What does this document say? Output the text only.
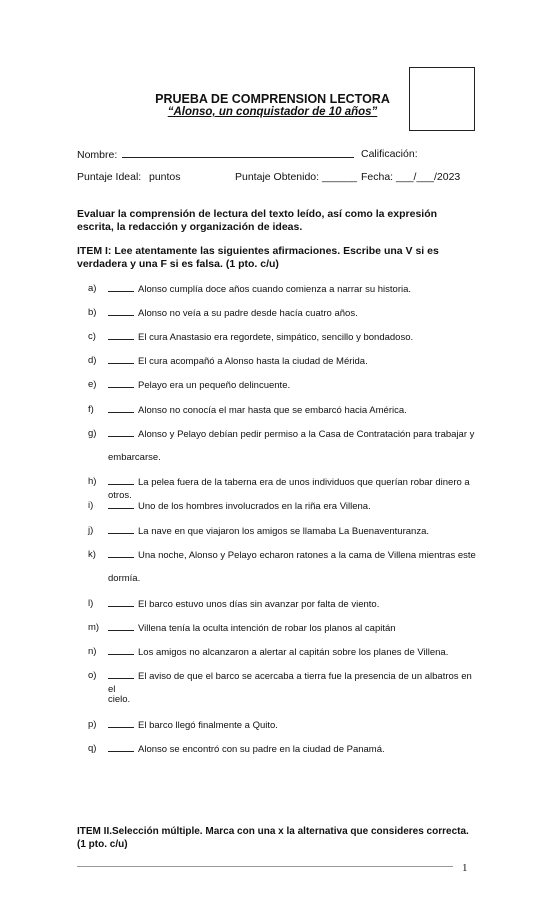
PRUEBA DE COMPRENSION LECTORA
“Alonso, un conquistador de 10 años”
Nombre:	Calificación:
Puntaje Ideal: puntos	Puntaje Obtenido: ______ Fecha: ___/___/2023
Evaluar la comprensión de lectura del texto leído, así como la expresión escrita, la redacción y organización de ideas.
ITEM I: Lee atentamente las siguientes afirmaciones. Escribe una V si es verdadera y una F si es falsa. (1 pto. c/u)
a)	Alonso cumplía doce años cuando comienza a narrar su historia.
b)	Alonso no veía a su padre desde hacía cuatro años.
c)	El cura Anastasio era regordete, simpático, sencillo y bondadoso.
d)	El cura acompañó a Alonso hasta la ciudad de Mérida.
e)	Pelayo era un pequeño delincuente.
f)	Alonso no conocía el mar hasta que se embarcó hacia América.
g)	Alonso y Pelayo debían pedir permiso a la Casa de Contratación para trabajar y
embarcarse.
h)	La pelea fuera de la taberna era de unos individuos que querían robar dinero a otros.
i)	Uno de los hombres involucrados en la riña era Villena.
j)	La nave en que viajaron los amigos se llamaba La Buenaventuranza.
k)	Una noche, Alonso y Pelayo echaron ratones a la cama de Villena mientras este
dormía.
l)	El barco estuvo unos días sin avanzar por falta de viento.
m)	Villena tenía la oculta intención de robar los planos al capitán
n)	Los amigos no alcanzaron a alertar al capitán sobre los planes de Villena.
o)	El aviso de que el barco se acercaba a tierra fue la presencia de un albatros en el
cielo.
p)	El barco llegó finalmente a Quito.
q)	Alonso se encontró con su padre en la ciudad de Panamá.
ITEM II.Selección múltiple. Marca con una x la alternativa que consideres correcta. (1 pto. c/u)
1
